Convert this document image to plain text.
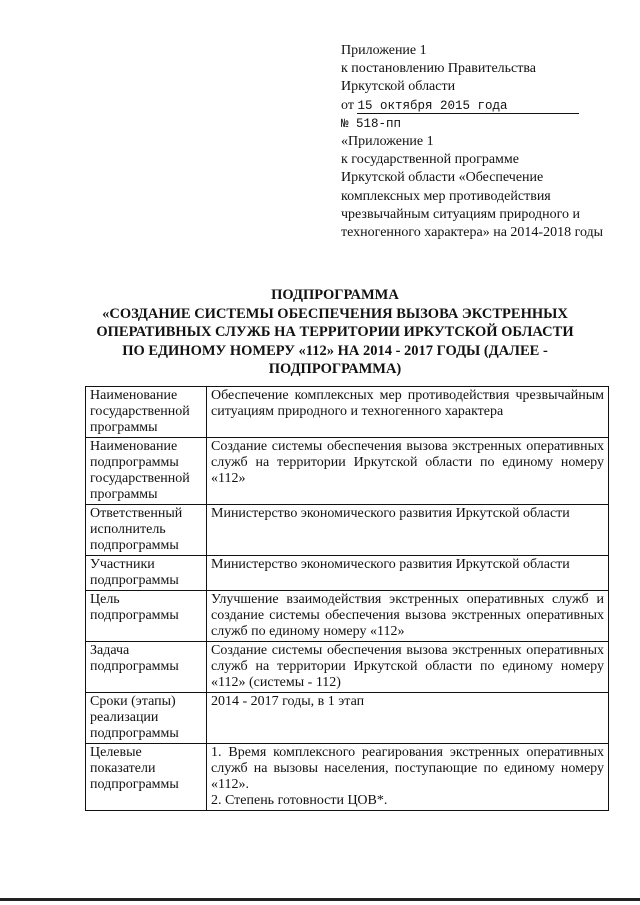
Приложение 1
к постановлению Правительства
Иркутской области
от 15 октября 2015 года
№ 518-пп
«Приложение 1
к государственной программе
Иркутской области «Обеспечение комплексных мер противодействия чрезвычайным ситуациям природного и техногенного характера» на 2014-2018 годы
ПОДПРОГРАММА
«СОЗДАНИЕ СИСТЕМЫ ОБЕСПЕЧЕНИЯ ВЫЗОВА ЭКСТРЕННЫХ
ОПЕРАТИВНЫХ СЛУЖБ НА ТЕРРИТОРИИ ИРКУТСКОЙ ОБЛАСТИ
ПО ЕДИНОМУ НОМЕРУ «112» НА 2014 - 2017 ГОДЫ (ДАЛЕЕ -
ПОДПРОГРАММА)
Наименование государственной программы	Обеспечение комплексных мер противодействия чрезвычайным ситуациям природного и техногенного характера
Наименование подпрограммы государственной программы	Создание системы обеспечения вызова экстренных оперативных служб на территории Иркутской области по единому номеру «112»
Ответственный исполнитель подпрограммы	Министерство экономического развития Иркутской области
Участники подпрограммы	Министерство экономического развития Иркутской области
Цель подпрограммы	Улучшение взаимодействия экстренных оперативных служб и создание системы обеспечения вызова экстренных оперативных служб по единому номеру «112»
Задача подпрограммы	Создание системы обеспечения вызова экстренных оперативных служб на территории Иркутской области по единому номеру «112» (системы - 112)
Сроки (этапы) реализации подпрограммы	2014 - 2017 годы, в 1 этап
Целевые показатели подпрограммы	1. Время комплексного реагирования экстренных оперативных служб на вызовы населения, поступающие по единому номеру «112».
2. Степень готовности ЦОВ*.
